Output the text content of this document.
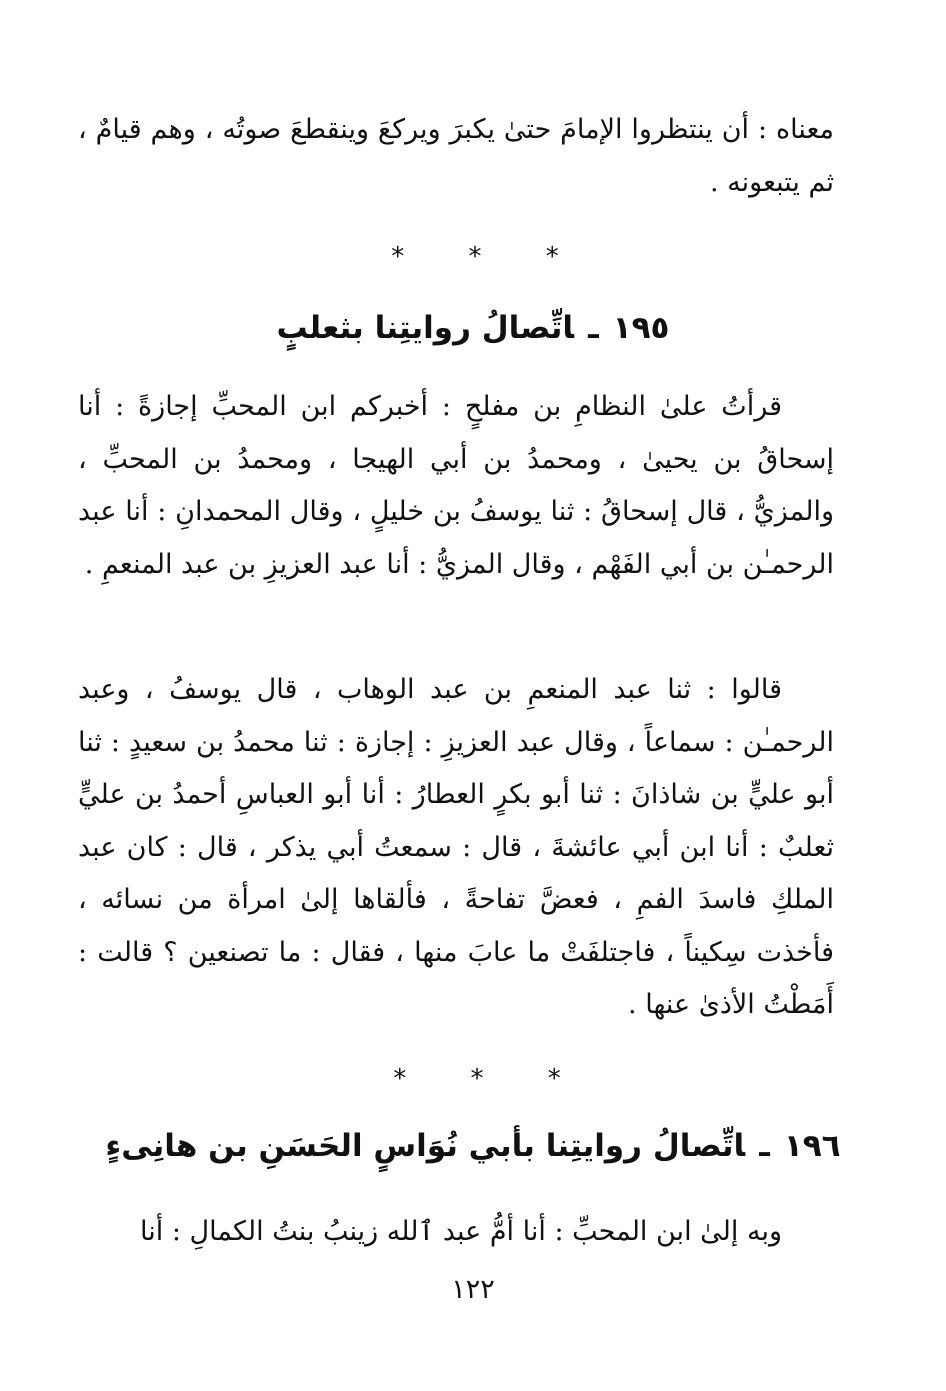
معناه : أن ينتظروا الإمامَ حتىٰ يكبرَ ويركعَ وينقطعَ صوتُه ، وهم قيامٌ ، ثم يتبعونه .

* * *
١٩٥ـاتِّصالُ روايتِنا بثعلبٍ

قرأتُ علىٰ النظامِ بن مفلحٍ : أخبركم ابن المحبِّ إجازةً : أنا إسحاقُ بن يحيىٰ ، ومحمدُ بن أبي الهيجا ، ومحمدُ بن المحبِّ ، والمزيُّ ، قال إسحاقُ : ثنا يوسفُ بن خليلٍ ، وقال المحمدانِ : أنا عبد الرحمـٰن بن أبي الفَهْم ، وقال المزيُّ : أنا عبد العزيزِ بن عبد المنعمِ .

قالوا : ثنا عبد المنعمِ بن عبد الوهاب ، قال يوسفُ ، وعبد الرحمـٰن : سماعاً ، وقال عبد العزيزِ : إجازة : ثنا محمدُ بن سعيدٍ : ثنا أبو عليٍّ بن شاذانَ : ثنا أبو بكرٍ العطارُ : أنا أبو العباسِ أحمدُ بن عليٍّ ثعلبٌ : أنا ابن أبي عائشةَ ، قال : سمعتُ أبي يذكر ، قال : كان عبد الملكِ فاسدَ الفمِ ، فعضَّ تفاحةً ، فألقاها إلىٰ امرأة من نسائه ، فأخذت سِكيناً ، فاجتلفَتْ ما عابَ منها ، فقال : ما تصنعين ؟ قالت : أَمَطْتُ الأذىٰ عنها .

* * *
١٩٦ـاتِّصالُ روايتِنا بأبي نُوَاسٍ الحَسَنِ بن هانِىءٍ

وبه إلىٰ ابن المحبِّ : أنا أمُّ عبد ٱلله زينبُ بنتُ الكمالِ : أنا

١٢٢
